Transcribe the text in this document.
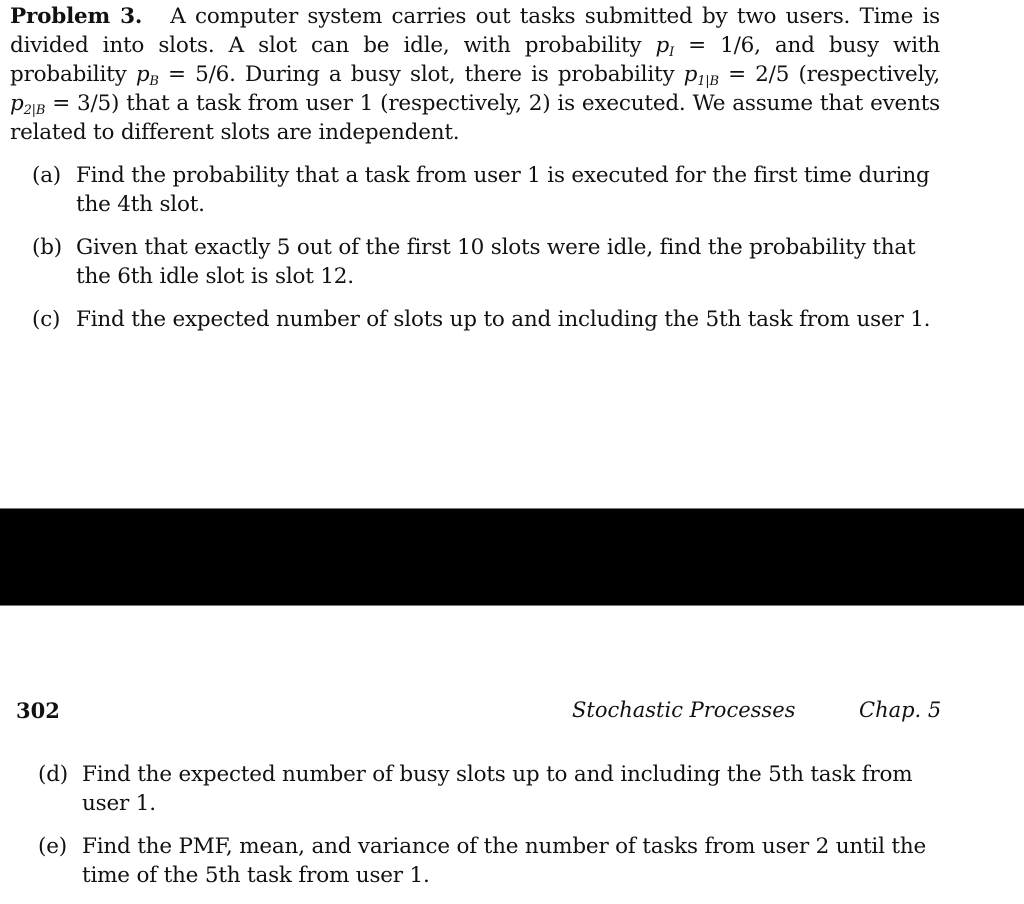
Problem 3. A computer system carries out tasks submitted by two users. Time is divided into slots. A slot can be idle, with probability $p_I = 1/6$, and busy with probability $p_B = 5/6$. During a busy slot, there is probability $p_{1|B} = 2/5$ (respectively, $p_{2|B} = 3/5$) that a task from user 1 (respectively, 2) is executed. We assume that events related to different slots are independent.

(a) Find the probability that a task from user 1 is executed for the first time during the 4th slot.
(b) Given that exactly 5 out of the first 10 slots were idle, find the probability that the 6th idle slot is slot 12.
(c) Find the expected number of slots up to and including the 5th task from user 1.
302	Stochastic Processes	Chap. 5
(d) Find the expected number of busy slots up to and including the 5th task from user 1.
(e) Find the PMF, mean, and variance of the number of tasks from user 2 until the time of the 5th task from user 1.
